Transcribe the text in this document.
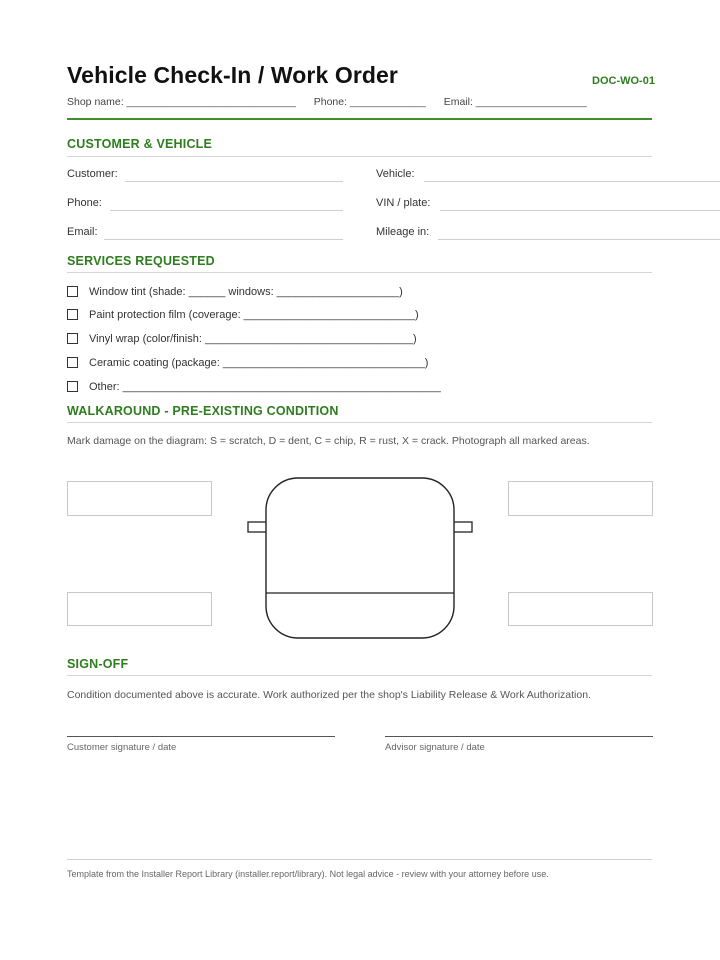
Vehicle Check-In / Work Order	DOC-WO-01
Shop name: _____________________________ Phone: _____________ Email: ___________________
CUSTOMER & VEHICLE
Customer:	Vehicle:
Phone:	VIN / plate:
Email:	Mileage in:
SERVICES REQUESTED
Window tint (shade: ______ windows: ____________________)
Paint protection film (coverage: ____________________________)
Vinyl wrap (color/finish: __________________________________)
Ceramic coating (package: _________________________________)
Other: ____________________________________________________
WALKAROUND - PRE-EXISTING CONDITION
Mark damage on the diagram: S = scratch, D = dent, C = chip, R = rust, X = crack. Photograph all marked areas.
SIGN-OFF
Condition documented above is accurate. Work authorized per the shop's Liability Release & Work Authorization.
Customer signature / date	Advisor signature / date
Template from the Installer Report Library (installer.report/library). Not legal advice - review with your attorney before use.
